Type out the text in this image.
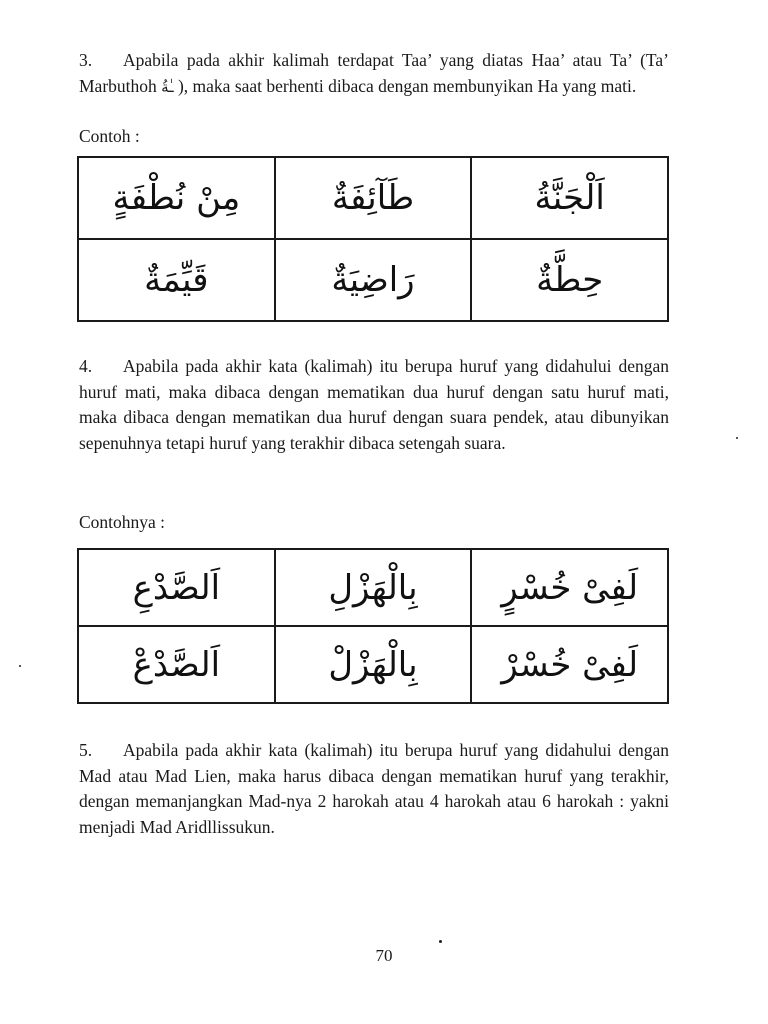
3. Apabila pada akhir kalimah terdapat Taa’ yang diatas Haa’ atau Ta’ (Ta’ Marbuthoh ـٰةُ ), maka saat berhenti dibaca dengan membunyikan Ha yang mati.

Contoh :

مِنْ نُطْفَةٍ	طَآئِفَةٌ	اَلْجَنَّةُ
قَيِّمَةٌ	رَاضِيَةٌ	حِطَّةٌ

4. Apabila pada akhir kata (kalimah) itu berupa huruf yang didahului dengan huruf mati, maka dibaca dengan mematikan dua huruf dengan satu huruf mati, maka dibaca dengan mematikan dua huruf dengan suara pendek, atau dibunyikan sepenuhnya tetapi huruf yang terakhir dibaca setengah suara.

Contohnya :

اَلصَّدْعِ	بِالْهَزْلِ	لَفِىْ خُسْرٍ
اَلصَّدْعْ	بِالْهَزْلْ	لَفِىْ خُسْرْ

5. Apabila pada akhir kata (kalimah) itu berupa huruf yang didahului dengan Mad atau Mad Lien, maka harus dibaca dengan mematikan huruf yang terakhir, dengan memanjangkan Mad-nya 2 harokah atau 4 harokah atau 6 harokah : yakni menjadi Mad Aridllissukun.

70
